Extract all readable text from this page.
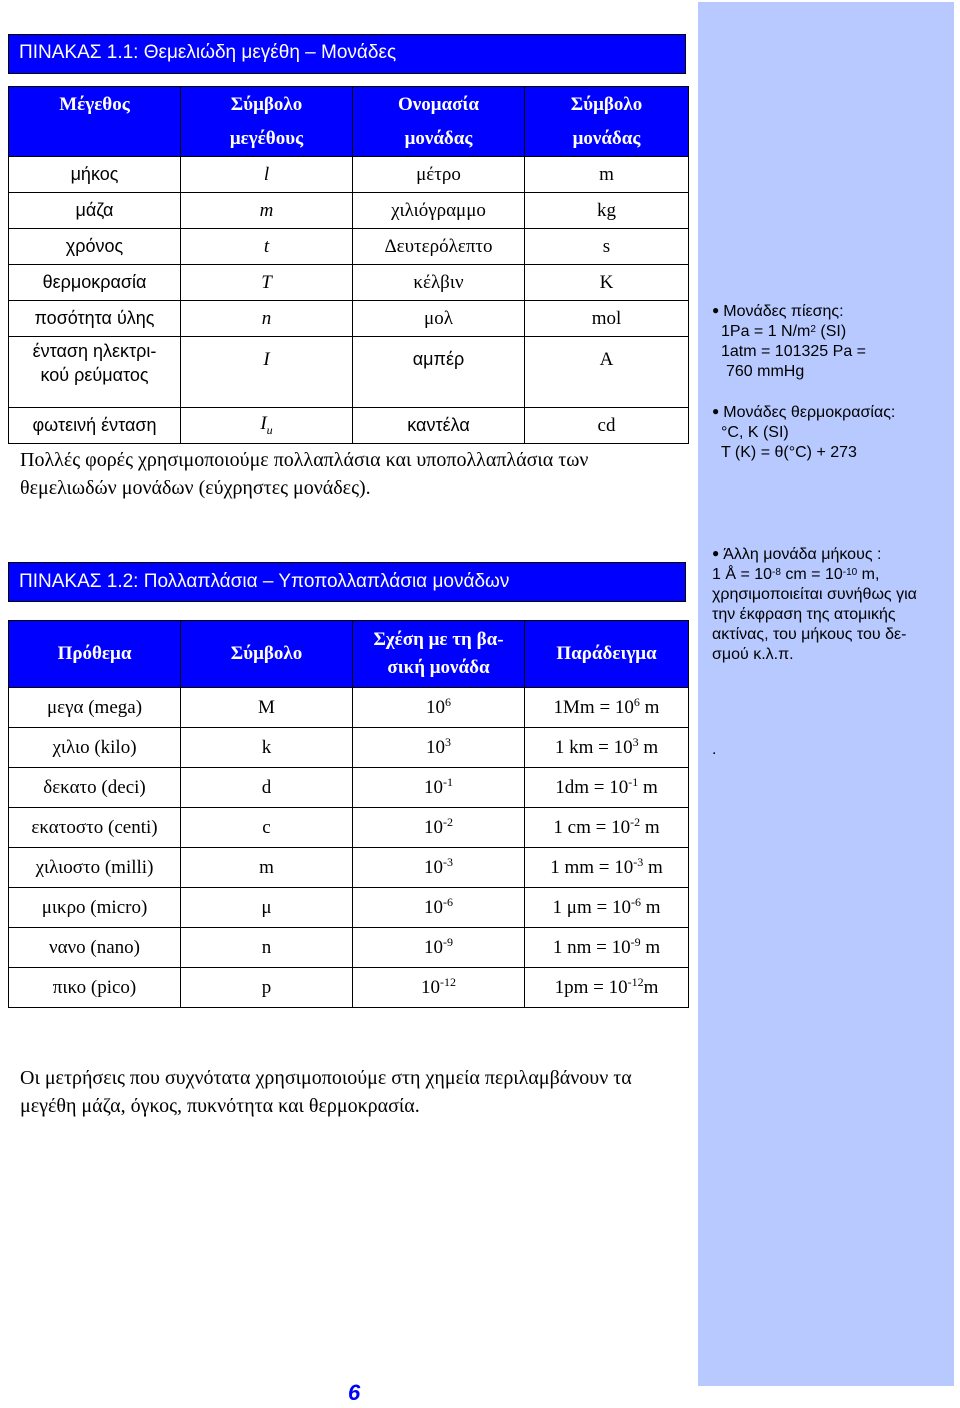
ΠΙΝΑΚΑΣ 1.1: Θεμελιώδη μεγέθη – Μονάδες
Μέγεθος	Σύμβολο	Ονομασία	Σύμβολο
	μεγέθους	μονάδας	μονάδας
μήκος	l	μέτρο	m
μάζα	m	χιλιόγραμμο	kg
χρόνος	t	Δευτερόλεπτο	s
θερμοκρασία	T	κέλβιν	K
ποσότητα ύλης	n	μολ	mol

ένταση ηλεκτρι-
κού ρεύματος	I	αμπέρ	A
φωτεινή ένταση	$I_u$	καντέλα	cd
Πολλές φορές χρησιμοποιούμε πολλαπλάσια και υποπολλαπλάσια των θεμελιωδών μονάδων (εύχρηστες μονάδες).
● Μονάδες πίεσης:
1Pa = 1 $N/m^2$ (SI)
1atm = 101325 Pa =
760 mmHg
● Μονάδες θερμοκρασίας:
°C, K (SI)
T (K) = θ(°C) + 273
● Άλλη μονάδα μήκους :
1 Å = $10^{-8}$ cm = $10^{-10}$ m,
χρησιμοποιείται συνήθως για
την έκφραση της ατομικής
ακτίνας, του μήκους του δε-
σμού κ.λ.π.
.
ΠΙΝΑΚΑΣ 1.2: Πολλαπλάσια – Υποπολλαπλάσια μονάδων
Πρόθεμα	Σύμβολο	Σχέση με τη βα-
σική μονάδα	Παράδειγμα
μεγα (mega)	M	$10^6$	$1Mm = 10^6$ m
χιλιο (kilo)	k	$10^3$	1 km = $10^3$ m
δεκατο (deci)	d	$10^{-1}$	$1dm = 10^{-1}$ m
εκατοστο (centi)	c	$10^{-2}$	1 cm = $10^{-2}$ m
χιλιοστο (milli)	m	$10^{-3}$	1 mm = $10^{-3}$ m
μικρο (micro)	μ	$10^{-6}$	1 $\mu m = 10^{-6}$ m
νανο (nano)	n	$10^{-9}$	1 nm = $10^{-9}$ m
πικο (pico)	p	$10^{-12}$	$1pm = 10^{-12}m$
Οι μετρήσεις που συχνότατα χρησιμοποιούμε στη χημεία περιλαμβάνουν τα μεγέθη μάζα, όγκος, πυκνότητα και θερμοκρασία.
6
